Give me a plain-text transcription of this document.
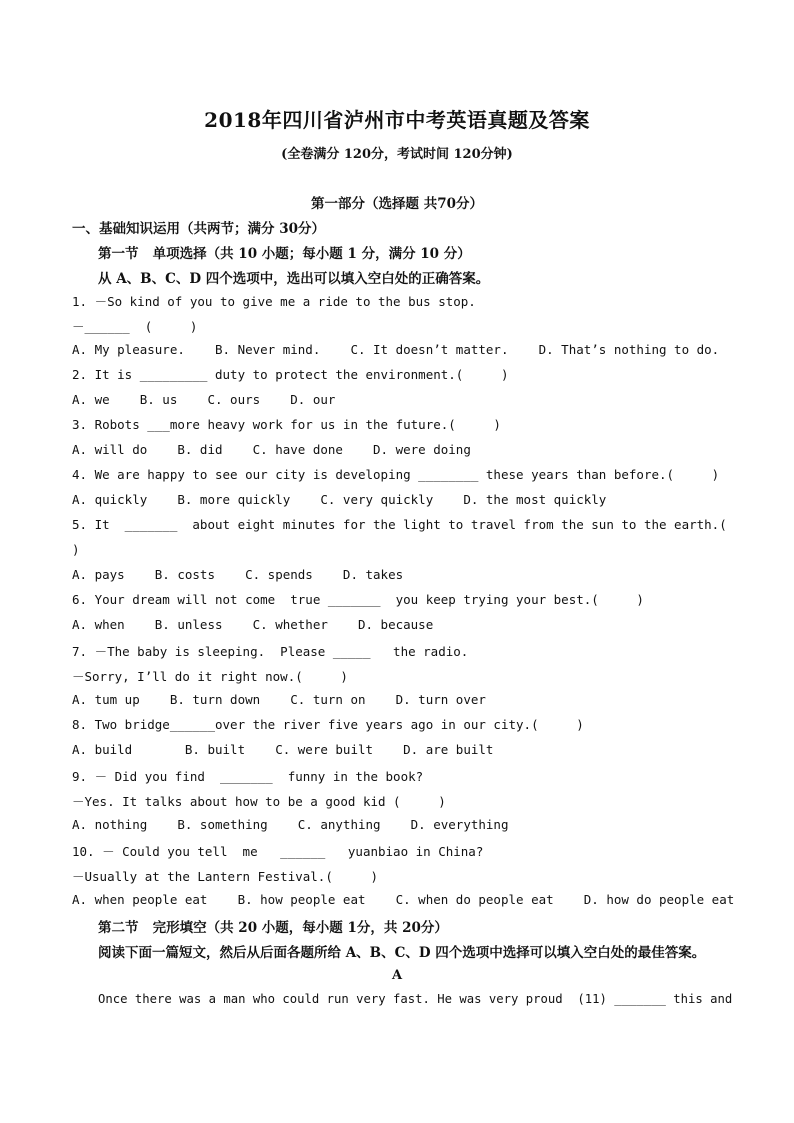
2018年四川省泸州市中考英语真题及答案
(全卷满分 120分，考试时间 120分钟)
第一部分（选择题 共70分）
一、基础知识运用（共两节；满分 30分）
第一节   单项选择（共 10 小题；每小题 1 分，满分 10 分）
从 A、B、C、D 四个选项中，选出可以填入空白处的正确答案。
1. －So kind of you to give me a ride to the bus stop.
－______  (     )
A. My pleasure.    B. Never mind.    C. It doesn’t matter.    D. That’s nothing to do.
2. It is _________ duty to protect the environment.(     )
A. we    B. us    C. ours    D. our
3. Robots ___more heavy work for us in the future.(     )
A. will do    B. did    C. have done    D. were doing
4. We are happy to see our city is developing ________ these years than before.(     )
A. quickly    B. more quickly    C. very quickly    D. the most quickly
5. It  _______  about eight minutes for the light to travel from the sun to the earth.(
)
A. pays    B. costs    C. spends    D. takes
6. Your dream will not come  true _______  you keep trying your best.(     )
A. when    B. unless    C. whether    D. because
7. －The baby is sleeping.  Please _____   the radio.
－Sorry, I’ll do it right now.(     )
A. tum up    B. turn down    C. turn on    D. turn over
8. Two bridge______over the river five years ago in our city.(     )
A. build       B. built    C. were built    D. are built
9. － Did you find  _______  funny in the book?
－Yes. It talks about how to be a good kid (     )
A. nothing    B. something    C. anything    D. everything
10. － Could you tell  me   ______   yuanbiao in China?
－Usually at the Lantern Festival.(     )
A. when people eat    B. how people eat    C. when do people eat    D. how do people eat
第二节   完形填空（共 20 小题，每小题 1分，共 20分）
阅读下面一篇短文，然后从后面各题所给 A、B、C、D 四个选项中选择可以填入空白处的最佳答案。
A
Once there was a man who could run very fast. He was very proud  (11) _______ this and
